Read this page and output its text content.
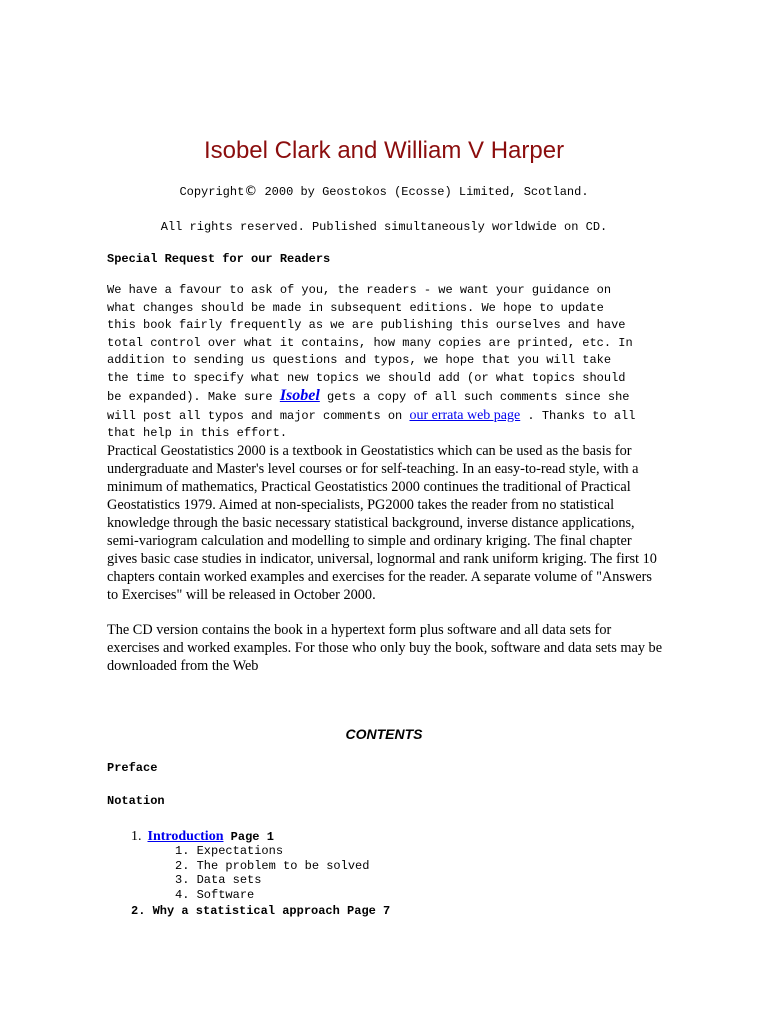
Isobel Clark and William V Harper

Copyright© 2000 by Geostokos (Ecosse) Limited, Scotland.

All rights reserved. Published simultaneously worldwide on CD.

Special Request for our Readers

We have a favour to ask of you, the readers - we want your guidance on
what changes should be made in subsequent editions. We hope to update
this book fairly frequently as we are publishing this ourselves and have
total control over what it contains, how many copies are printed, etc. In
addition to sending us questions and typos, we hope that you will take
the time to specify what new topics we should add (or what topics should
be expanded). Make sure Isobel gets a copy of all such comments since she
will post all typos and major comments on our errata web page . Thanks to all
that help in this effort.

Practical Geostatistics 2000 is a textbook in Geostatistics which can be used as the basis for undergraduate and Master's level courses or for self-teaching. In an easy-to-read style, with a minimum of mathematics, Practical Geostatistics 2000 continues the traditional of Practical Geostatistics 1979. Aimed at non-specialists, PG2000 takes the reader from no statistical knowledge through the basic necessary statistical background, inverse distance applications, semi-variogram calculation and modelling to simple and ordinary kriging. The final chapter gives basic case studies in indicator, universal, lognormal and rank uniform kriging. The first 10 chapters contain worked examples and exercises for the reader. A separate volume of "Answers to Exercises" will be released in October 2000.

The CD version contains the book in a hypertext form plus software and all data sets for exercises and worked examples. For those who only buy the book, software and data sets may be downloaded from the Web

CONTENTS

Preface

Notation

1. Introduction Page 1

1. Expectations
2. The problem to be solved
3. Data sets
4. Software

2. Why a statistical approach Page 7
